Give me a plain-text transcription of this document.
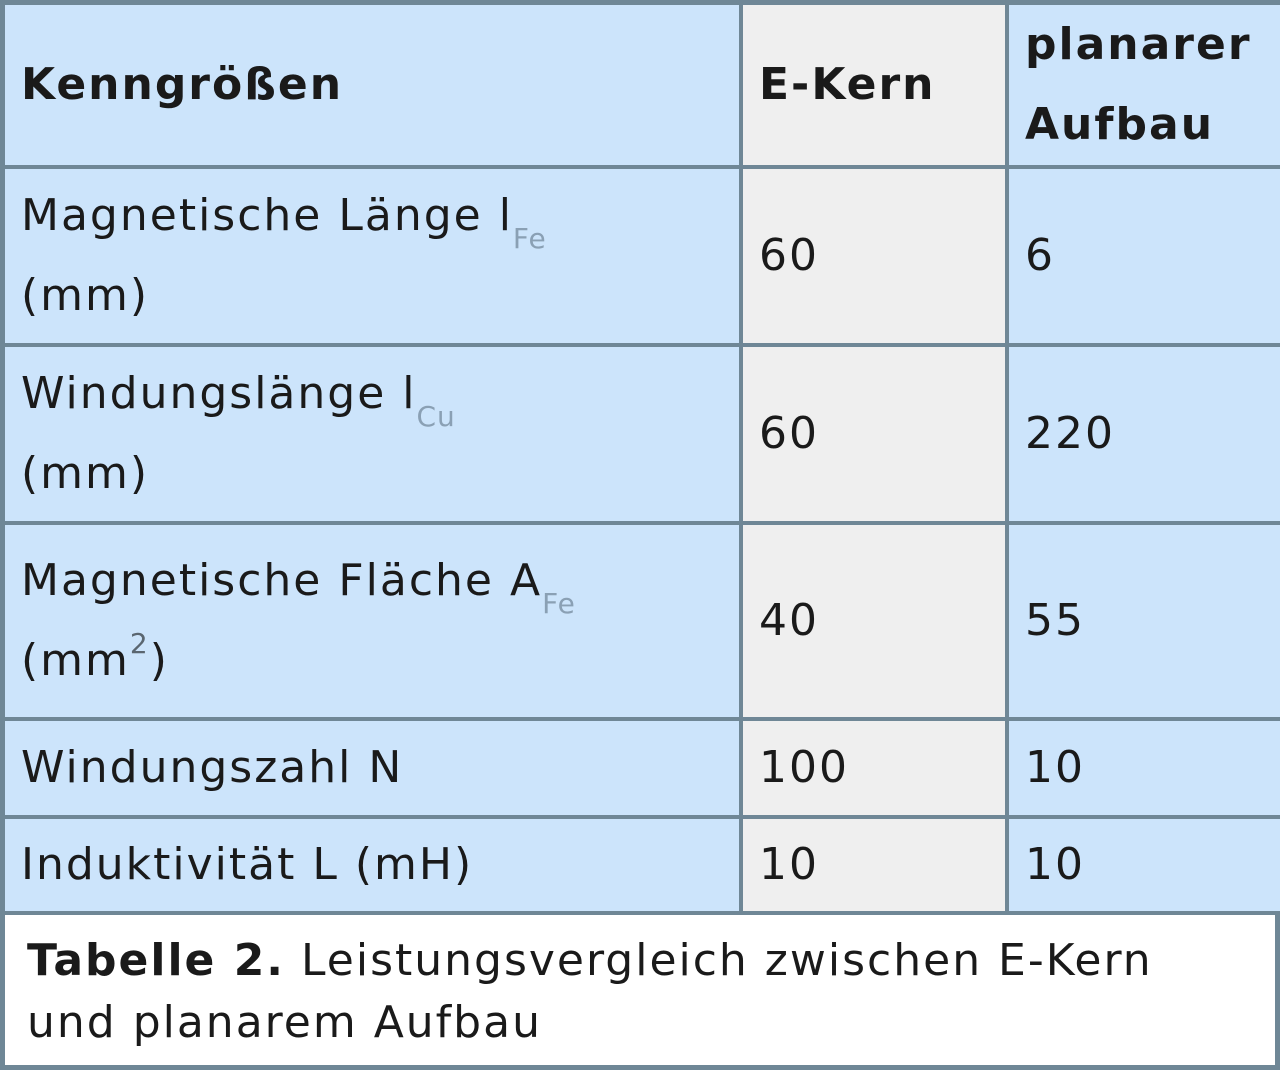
Kenngrößen	E-Kern	planarer Aufbau
Magnetische Länge $l_{Fe}$
(mm)	60	6
Windungslänge $l_{Cu}$
(mm)	60	220
Magnetische Fläche $A_{Fe}$
$(mm^2)$	40	55
Windungszahl N	100	10
Induktivität L (mH)	10	10
Tabelle 2. Leistungsvergleich zwischen E-Kern und planarem Aufbau
